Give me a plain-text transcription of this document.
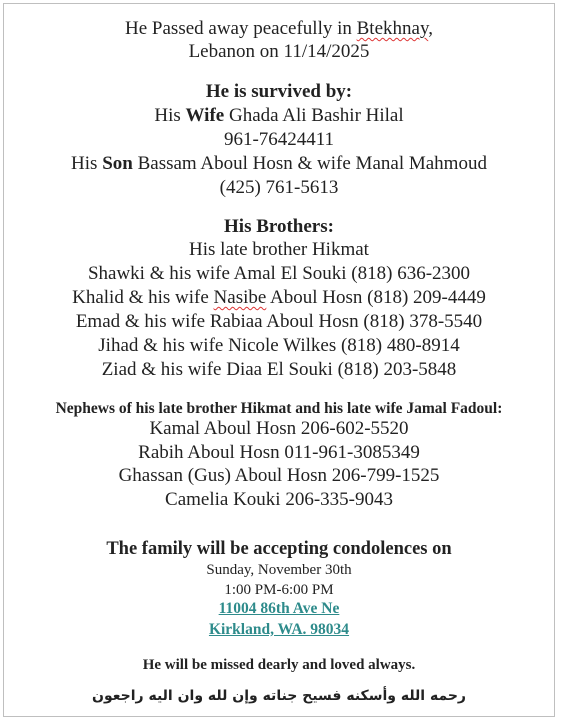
He Passed away peacefully in Btekhnay,
Lebanon on 11/14/2025
He is survived by:
His Wife Ghada Ali Bashir Hilal
961-76424411
His Son Bassam Aboul Hosn & wife Manal Mahmoud
(425) 761-5613
His Brothers:
His late brother Hikmat
Shawki & his wife Amal El Souki (818) 636-2300
Khalid & his wife Nasibe Aboul Hosn (818) 209-4449
Emad & his wife Rabiaa Aboul Hosn (818) 378-5540
Jihad & his wife Nicole Wilkes (818) 480-8914
Ziad & his wife Diaa El Souki (818) 203-5848
Nephews of his late brother Hikmat and his late wife Jamal Fadoul:
Kamal Aboul Hosn 206-602-5520
Rabih Aboul Hosn 011-961-3085349
Ghassan (Gus) Aboul Hosn 206-799-1525
Camelia Kouki 206-335-9043
The family will be accepting condolences on
Sunday, November 30th
1:00 PM-6:00 PM
11004 86th Ave Ne
Kirkland, WA. 98034
He will be missed dearly and loved always.
رحمه الله وأسكنه فسيح جناته وإن لله وان اليه راجعون
